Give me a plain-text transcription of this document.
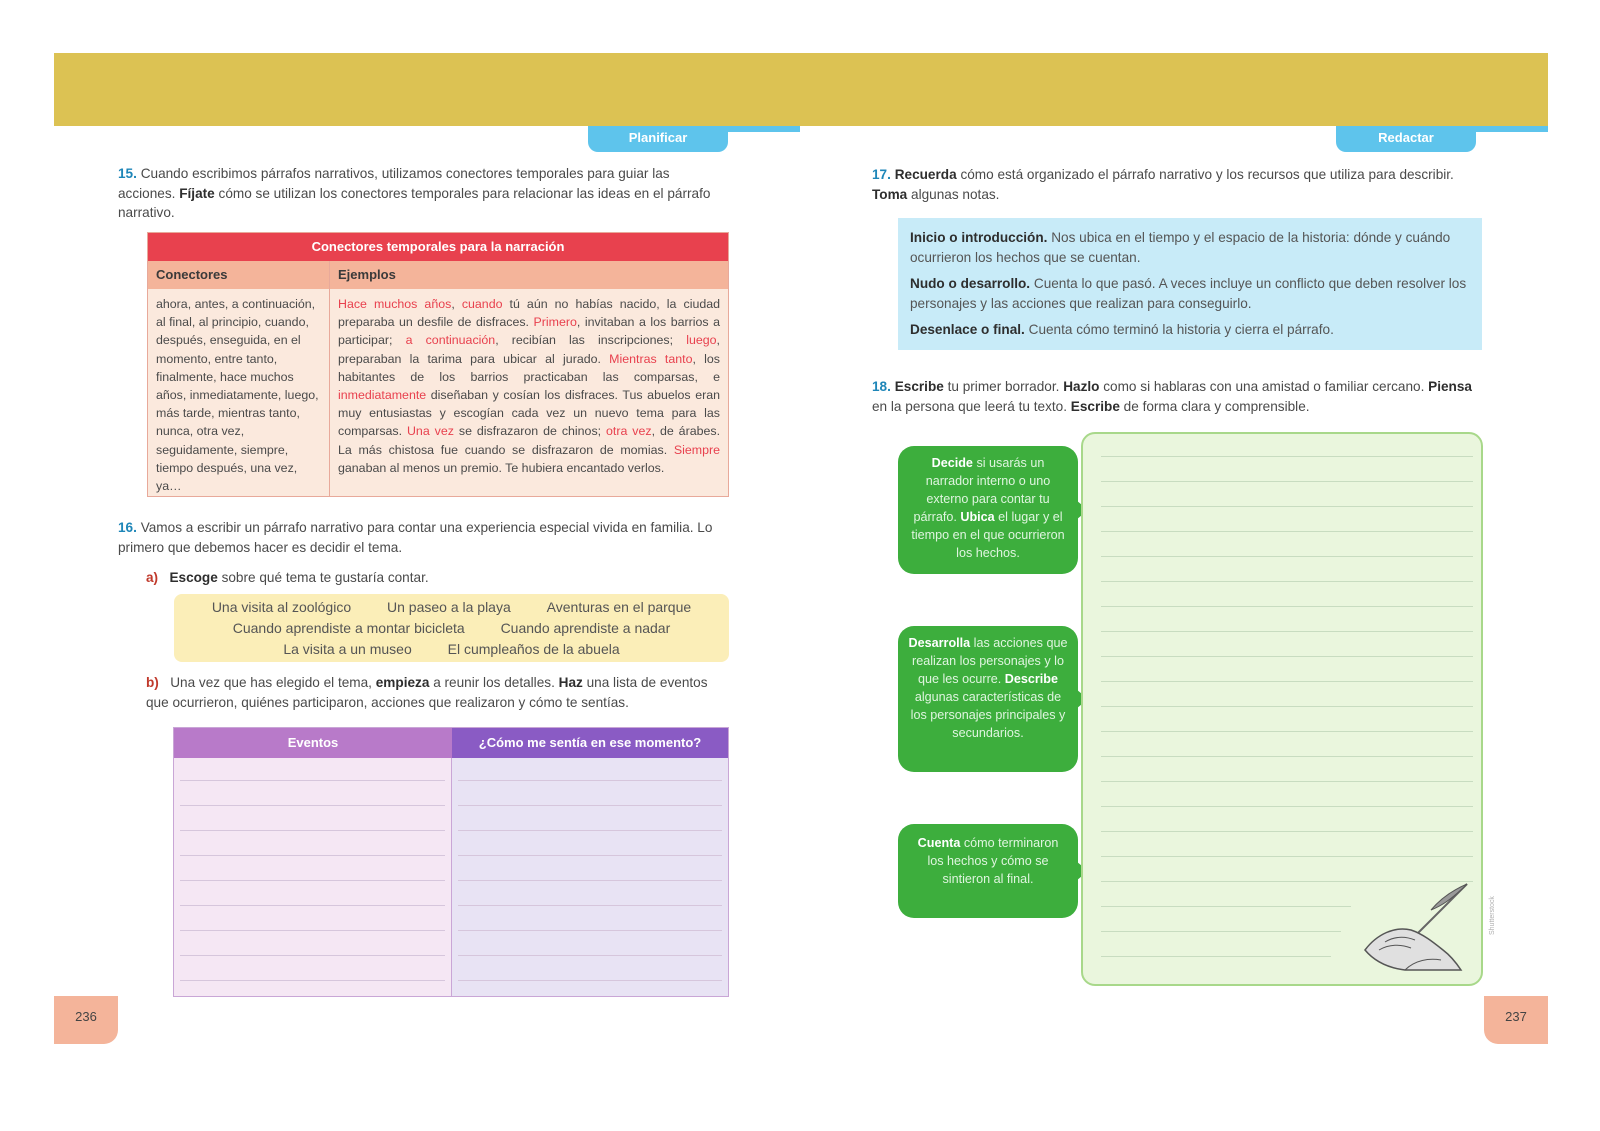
Planificar	Redactar
15. Cuando escribimos párrafos narrativos, utilizamos conectores temporales para guiar las acciones. Fíjate cómo se utilizan los conectores temporales para relacionar las ideas en el párrafo narrativo.
Conectores temporales para la narración
Conectores	Ejemplos
ahora, antes, a continuación, al final, al principio, cuando, después, enseguida, en el momento, entre tanto, finalmente, hace muchos años, inmediatamente, luego, más tarde, mientras tanto, nunca, otra vez, seguidamente, siempre, tiempo después, una vez, ya…
Hace muchos años, cuando tú aún no habías nacido, la ciudad preparaba un desfile de disfraces. Primero, invitaban a los barrios a participar; a continuación, recibían las inscripciones; luego, preparaban la tarima para ubicar al jurado. Mientras tanto, los habitantes de los barrios practicaban las comparsas, e inmediatamente diseñaban y cosían los disfraces. Tus abuelos eran muy entusiastas y escogían cada vez un nuevo tema para las comparsas. Una vez se disfrazaron de chinos; otra vez, de árabes. La más chistosa fue cuando se disfrazaron de momias. Siempre ganaban al menos un premio. Te hubiera encantado verlos.
16. Vamos a escribir un párrafo narrativo para contar una experiencia especial vivida en familia. Lo primero que debemos hacer es decidir el tema.
a) Escoge sobre qué tema te gustaría contar.
Una visita al zoológico	Un paseo a la playa	Aventuras en el parque
Cuando aprendiste a montar bicicleta	Cuando aprendiste a nadar
La visita a un museo	El cumpleaños de la abuela
b) Una vez que has elegido el tema, empieza a reunir los detalles. Haz una lista de eventos que ocurrieron, quiénes participaron, acciones que realizaron y cómo te sentías.
Eventos	¿Cómo me sentía en ese momento?
236	237
17. Recuerda cómo está organizado el párrafo narrativo y los recursos que utiliza para describir. Toma algunas notas.

Inicio o introducción. Nos ubica en el tiempo y el espacio de la historia: dónde y cuándo ocurrieron los hechos que se cuentan.

Nudo o desarrollo. Cuenta lo que pasó. A veces incluye un conflicto que deben resolver los personajes y las acciones que realizan para conseguirlo.

Desenlace o final. Cuenta cómo terminó la historia y cierra el párrafo.

18. Escribe tu primer borrador. Hazlo como si hablaras con una amistad o familiar cercano. Piensa en la persona que leerá tu texto. Escribe de forma clara y comprensible.
Decide si usarás un narrador interno o uno externo para contar tu párrafo. Ubica el lugar y el tiempo en el que ocurrieron los hechos.
Desarrolla las acciones que realizan los personajes y lo que les ocurre. Describe algunas características de los personajes principales y secundarios.
Cuenta cómo terminaron los hechos y cómo se sintieron al final.
Shutterstock
